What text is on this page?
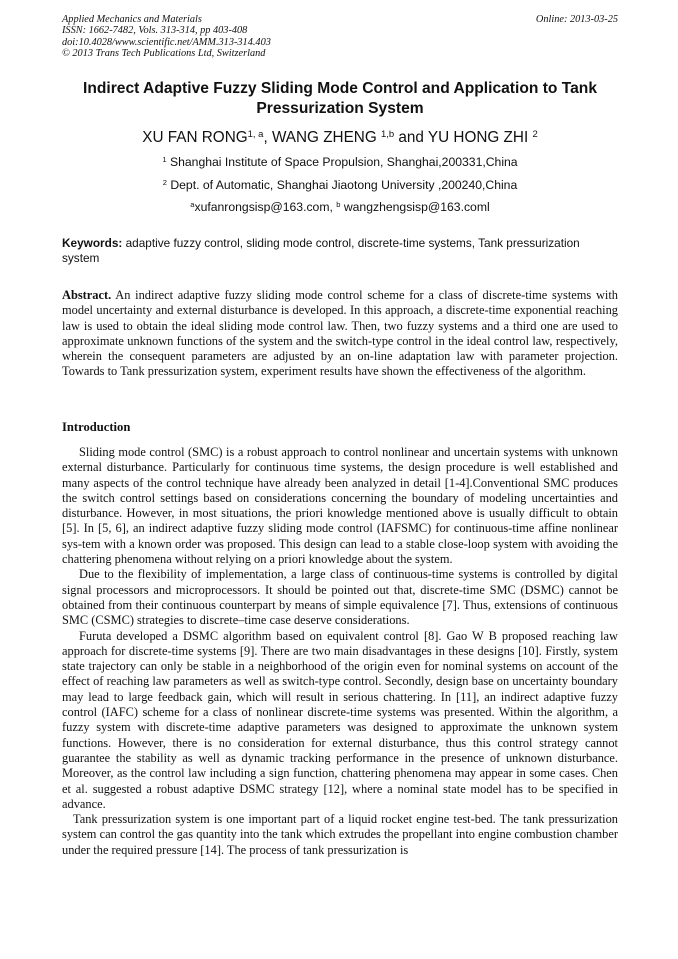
Applied Mechanics and Materials
ISSN: 1662-7482, Vols. 313-314, pp 403-408
doi:10.4028/www.scientific.net/AMM.313-314.403
© 2013 Trans Tech Publications Ltd, Switzerland
Online: 2013-03-25
Indirect Adaptive Fuzzy Sliding Mode Control and Application to Tank Pressurization System
XU FAN RONG$^{1, a}$, WANG ZHENG $^{1,b}$ and YU HONG ZHI $^2$
$^1$ Shanghai Institute of Space Propulsion, Shanghai,200331,China
$^2$ Dept. of Automatic, Shanghai Jiaotong University ,200240,China
$^a$xufanrongsisp@163.com, $^b$ wangzhengsisp@163.coml
Keywords: adaptive fuzzy control, sliding mode control, discrete-time systems, Tank pressurization system
Abstract. An indirect adaptive fuzzy sliding mode control scheme for a class of discrete-time systems with model uncertainty and external disturbance is developed. In this approach, a discrete-time exponential reaching law is used to obtain the ideal sliding mode control law. Then, two fuzzy systems and a third one are used to approximate unknown functions of the system and the switch-type control in the ideal control law, respectively, wherein the consequent parameters are adjusted by an on-line adaptation law with parameter projection. Towards to Tank pressurization system, experiment results have shown the effectiveness of the algorithm.
Introduction

Sliding mode control (SMC) is a robust approach to control nonlinear and uncertain systems with unknown external disturbance. Particularly for continuous time systems, the design procedure is well established and many aspects of the control technique have already been analyzed in detail [1-4].Conventional SMC produces the switch control settings based on considerations concerning the boundary of modeling uncertainties and disturbance. However, in most situations, the priori knowledge mentioned above is usually difficult to obtain [5]. In [5, 6], an indirect adaptive fuzzy sliding mode control (IAFSMC) for continuous-time affine nonlinear sys-tem with a known order was proposed. This design can lead to a stable close-loop system with avoiding the chattering phenomena without relying on a priori knowledge about the system.

Due to the flexibility of implementation, a large class of continuous-time systems is controlled by digital signal processors and microprocessors. It should be pointed out that, discrete-time SMC (DSMC) cannot be obtained from their continuous counterpart by means of simple equivalence [7]. Thus, extensions of continuous SMC (CSMC) strategies to discrete–time case deserve considerations.

Furuta developed a DSMC algorithm based on equivalent control [8]. Gao W B proposed reaching law approach for discrete-time systems [9]. There are two main disadvantages in these designs [10]. Firstly, system state trajectory can only be stable in a neighborhood of the origin even for nominal systems on account of the effect of reaching law parameters as well as switch-type control. Secondly, design base on uncertainty boundary may lead to large feedback gain, which will result in serious chattering. In [11], an indirect adaptive fuzzy control (IAFC) scheme for a class of nonlinear discrete-time systems was presented. Within the algorithm, a fuzzy system with discrete-time adaptive parameters was designed to approximate the unknown system functions. However, there is no consideration for external disturbance, thus this control strategy cannot guarantee the stability as well as dynamic tracking performance in the presence of unknown disturbance. Moreover, as the control law including a sign function, chattering phenomena may appear in some cases. Chen et al. suggested a robust adaptive DSMC strategy [12], where a nominal state model has to be specified in advance.

Tank pressurization system is one important part of a liquid rocket engine test-bed. The tank pressurization system can control the gas quantity into the tank which extrudes the propellant into engine combustion chamber under the required pressure [14]. The process of tank pressurization is
